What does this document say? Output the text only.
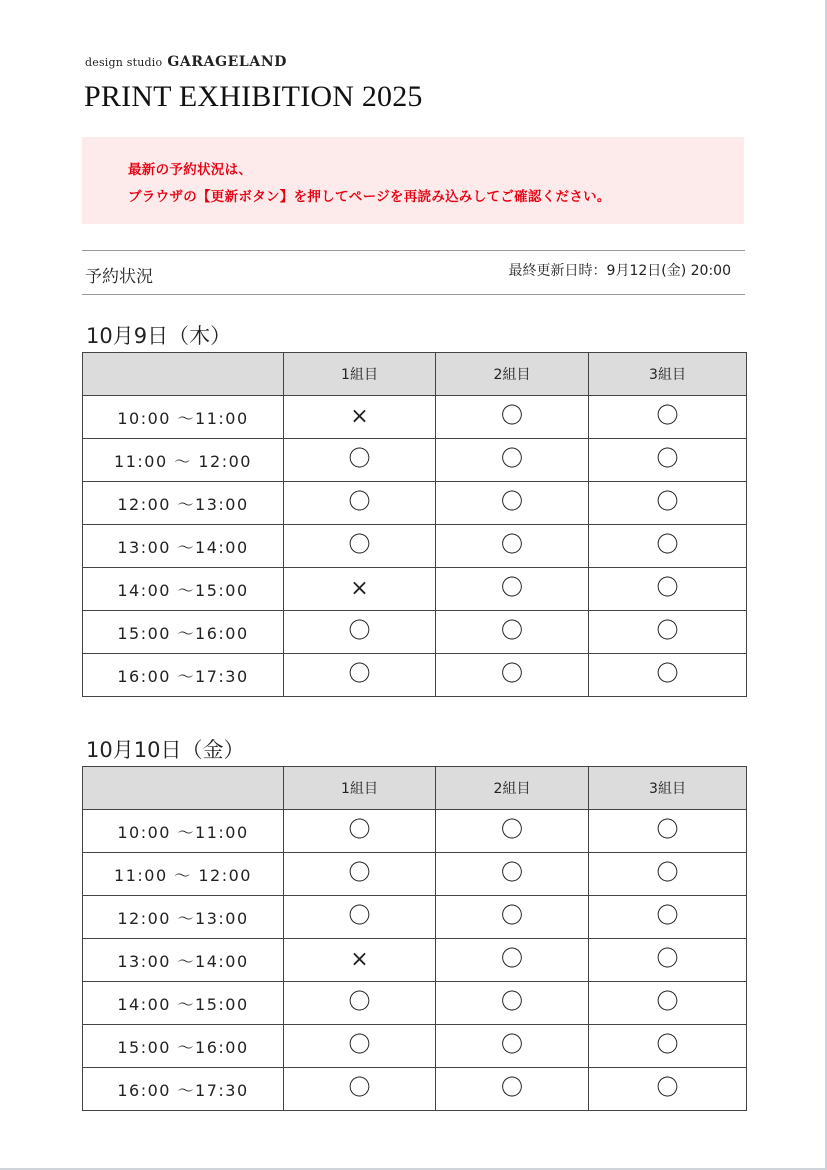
design studio GARAGELAND
PRINT EXHIBITION 2025

最新の予約状況は、

ブラウザの【更新ボタン】を押してページを再読み込みしてご確認ください。

予約状況	最終更新日時：9月12日(金) 20:00
10月9日（木）
	1組目	2組目	3組目
10:00 ～11:00	×	〇	〇
11:00 ～ 12:00	〇	〇	〇
12:00 ～13:00	〇	〇	〇
13:00 ～14:00	〇	〇	〇
14:00 ～15:00	×	〇	〇
15:00 ～16:00	〇	〇	〇
16:00 ～17:30	〇	〇	〇
10月10日（金）
	1組目	2組目	3組目
10:00 ～11:00	〇	〇	〇
11:00 ～ 12:00	〇	〇	〇
12:00 ～13:00	〇	〇	〇
13:00 ～14:00	×	〇	〇
14:00 ～15:00	〇	〇	〇
15:00 ～16:00	〇	〇	〇
16:00 ～17:30	〇	〇	〇
